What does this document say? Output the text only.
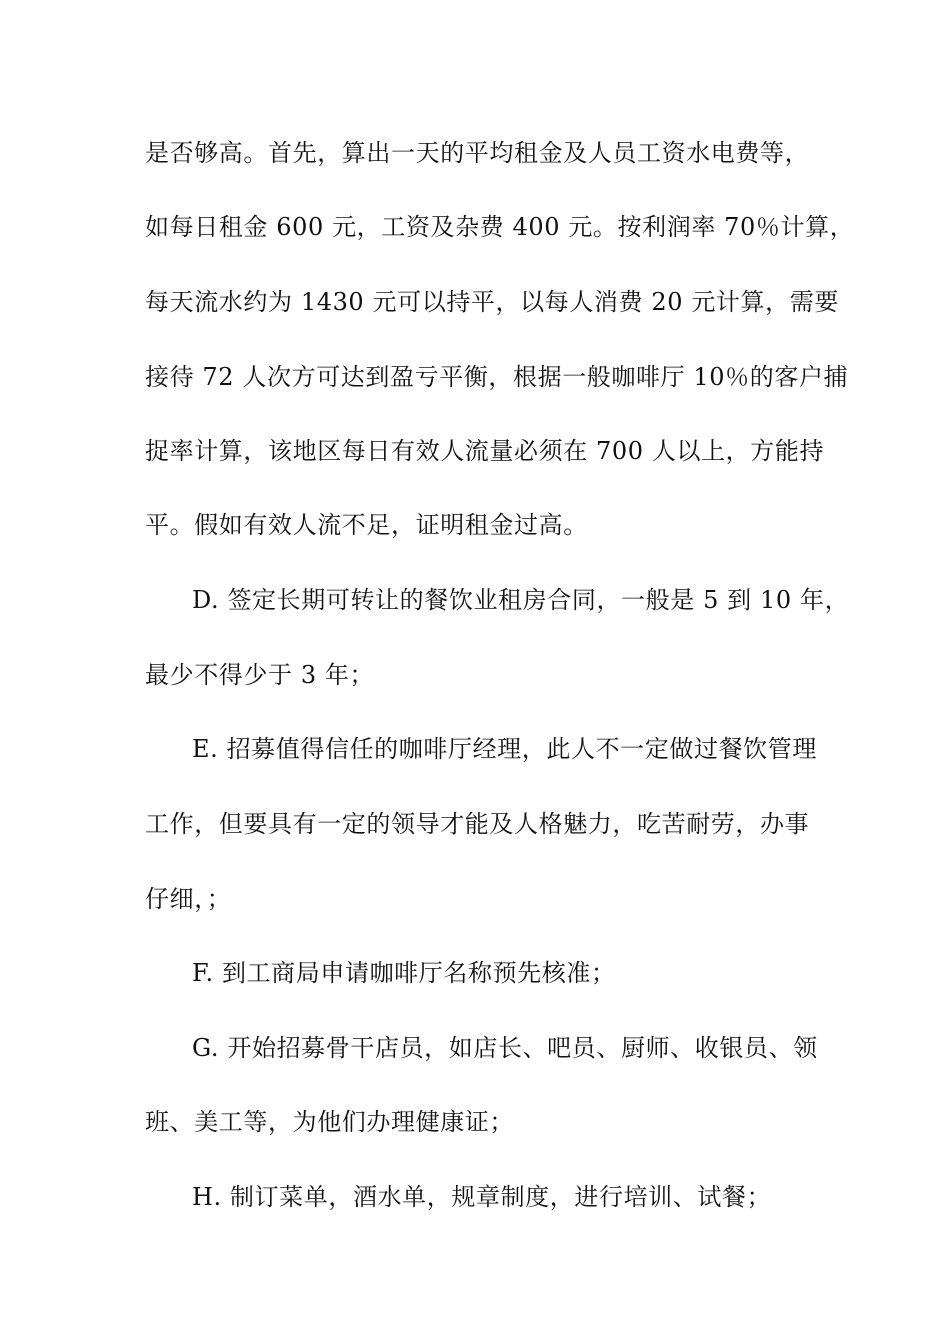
是否够高。首先，算出一天的平均租金及人员工资水电费等，
如每日租金 600 元，工资及杂费 400 元。按利润率 70％计算，
每天流水约为 1430 元可以持平，以每人消费 20 元计算，需要
接待 72 人次方可达到盈亏平衡，根据一般咖啡厅 10％的客户捕
捉率计算，该地区每日有效人流量必须在 700 人以上，方能持
平。假如有效人流不足，证明租金过高。
D. 签定长期可转让的餐饮业租房合同，一般是 5 到 10 年，
最少不得少于 3 年；
E. 招募值得信任的咖啡厅经理，此人不一定做过餐饮管理
工作，但要具有一定的领导才能及人格魅力，吃苦耐劳，办事
仔细，；
F. 到工商局申请咖啡厅名称预先核准；
G. 开始招募骨干店员，如店长、吧员、厨师、收银员、领
班、美工等，为他们办理健康证；
H. 制订菜单，酒水单，规章制度，进行培训、试餐；
